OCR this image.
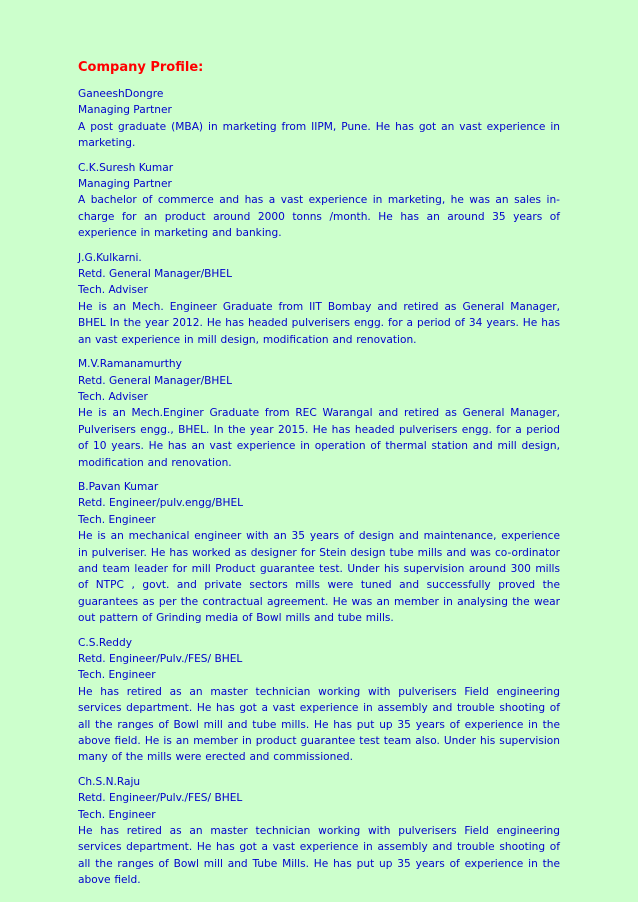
Company Profile:
GaneeshDongre
Managing Partner
A post graduate (MBA) in marketing from IIPM, Pune. He has got an vast experience in marketing.
C.K.Suresh Kumar
Managing Partner
A bachelor of commerce and has a vast experience in marketing, he was an sales in-charge for an product around 2000 tonns /month. He has an around 35 years of experience in marketing and banking.
J.G.Kulkarni.
Retd. General Manager/BHEL
Tech. Adviser
He is an Mech. Engineer Graduate from IIT Bombay and retired as General Manager, BHEL In the year 2012. He has headed pulverisers engg. for a period of 34 years. He has an vast experience in mill design, modification and renovation.
M.V.Ramanamurthy
Retd. General Manager/BHEL
Tech. Adviser
He is an Mech.Enginer Graduate from REC Warangal and retired as General Manager, Pulverisers engg., BHEL. In the year 2015. He has headed pulverisers engg. for a period of 10 years. He has an vast experience in operation of thermal station and mill design, modification and renovation.
B.Pavan Kumar
Retd. Engineer/pulv.engg/BHEL
Tech. Engineer
He is an mechanical engineer with an 35 years of design and maintenance, experience in pulveriser. He has worked as designer for Stein design tube mills and was co-ordinator and team leader for mill Product guarantee test. Under his supervision around 300 mills of NTPC , govt. and private sectors mills were tuned and successfully proved the guarantees as per the contractual agreement. He was an member in analysing the wear out pattern of Grinding media of Bowl mills and tube mills.
C.S.Reddy
Retd. Engineer/Pulv./FES/ BHEL
Tech. Engineer
He has retired as an master technician working with pulverisers Field engineering services department. He has got a vast experience in assembly and trouble shooting of all the ranges of Bowl mill and tube mills. He has put up 35 years of experience in the above field. He is an member in product guarantee test team also. Under his supervision many of the mills were erected and commissioned.
Ch.S.N.Raju
Retd. Engineer/Pulv./FES/ BHEL
Tech. Engineer
He has retired as an master technician working with pulverisers Field engineering services department. He has got a vast experience in assembly and trouble shooting of all the ranges of Bowl mill and Tube Mills. He has put up 35 years of experience in the above field.
